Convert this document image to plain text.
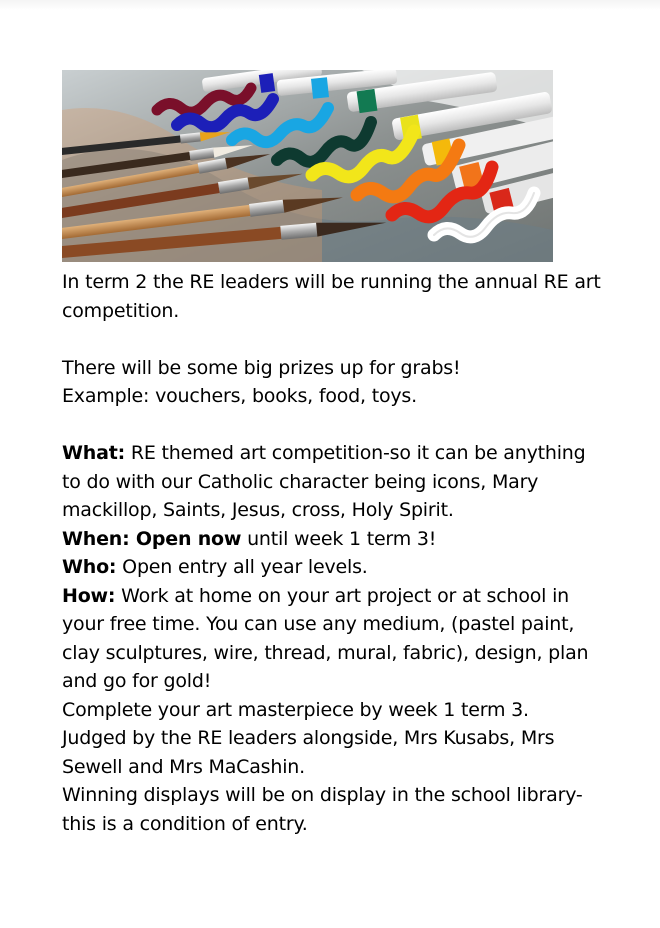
In term 2 the RE leaders will be running the annual RE art competition.

There will be some big prizes up for grabs!

Example: vouchers, books, food, toys.

What: RE themed art competition-so it can be anything to do with our Catholic character being icons, Mary mackillop, Saints, Jesus, cross, Holy Spirit.

When: Open now until week 1 term 3!

Who: Open entry all year levels.

How: Work at home on your art project or at school in your free time. You can use any medium, (pastel paint, clay sculptures, wire, thread, mural, fabric), design, plan and go for gold!

Complete your art masterpiece by week 1 term 3.

Judged by the RE leaders alongside, Mrs Kusabs, Mrs Sewell and Mrs MaCashin.

Winning displays will be on display in the school library-this is a condition of entry.
